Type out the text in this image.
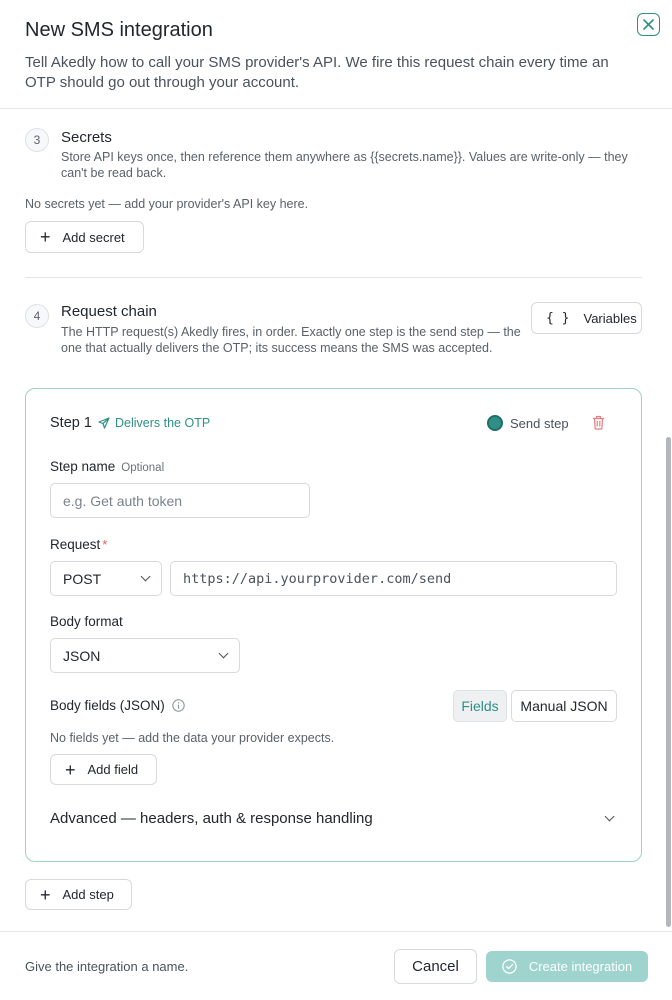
New SMS integration
Tell Akedly how to call your SMS provider's API. We fire this request chain every time an OTP should go out through your account.
3	Secrets
Store API keys once, then reference them anywhere as {{secrets.name}}. Values are write-only — they can't be read back.
No secrets yet — add your provider's API key here.
+ Add secret
4	Request chain
The HTTP request(s) Akedly fires, in order. Exactly one step is the send step — the one that actually delivers the OTP; its success means the SMS was accepted.
{ } Variables
Step 1 Delivers the OTP	Send step
Step name Optional
e.g. Get auth token
Request *
POST	https://api.yourprovider.com/send
Body format
JSON
Body fields (JSON)	Fields	Manual JSON
No fields yet — add the data your provider expects.
+ Add field
Advanced — headers, auth & response handling
+ Add step
Give the integration a name.	Cancel	Create integration
